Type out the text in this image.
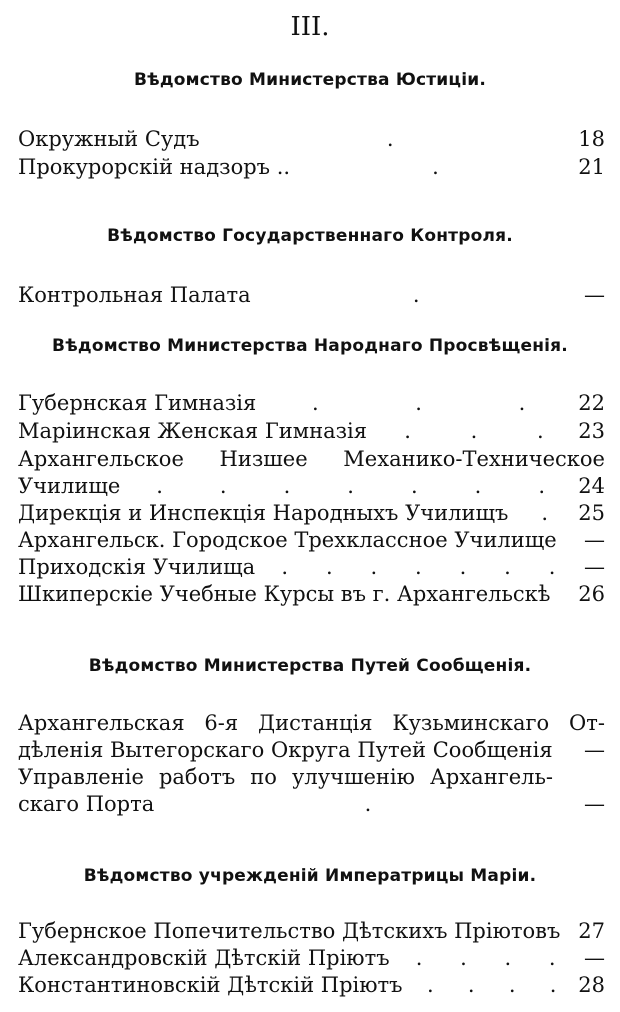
III.
Вѣдомство Министерства Юстиціи.
Окружный Судъ	.	18
Прокурорскій надзоръ ..	.	21
Вѣдомство Государственнаго Контроля.
Контрольная Палата	.	—
Вѣдомство Министерства Народнаго Просвѣщенія.
Губернская Гимназія	.	.	.	22
Маріинская Женская Гимназія .	.	. 23
Архангельское Низшее Механико-Техническое
Училище .	.	.	.	.	.	. 24
Дирекція и Инспекція Народныхъ Училищъ . 25
Архангельск. Городское Трехклассное Училище —
Приходскія Училища . . . . . . . —
Шкиперскіе Учебные Курсы въ г. Архангельскѣ 26
Вѣдомство Министерства Путей Сообщенія.
Архангельская 6-я Дистанція Кузьминскаго От-
дѣленія Вытегорскаго Округа Путей Сообщенія —
Управленіе работъ по улучшенію Архангель-
скаго Порта	.	—
Вѣдомство учрежденій Императрицы Маріи.
Губернское Попечительство Дѣтскихъ Пріютовъ 27
Александровскій Дѣтскій Пріютъ . . . . —
Константиновскій Дѣтскій Пріютъ . . . . 28
